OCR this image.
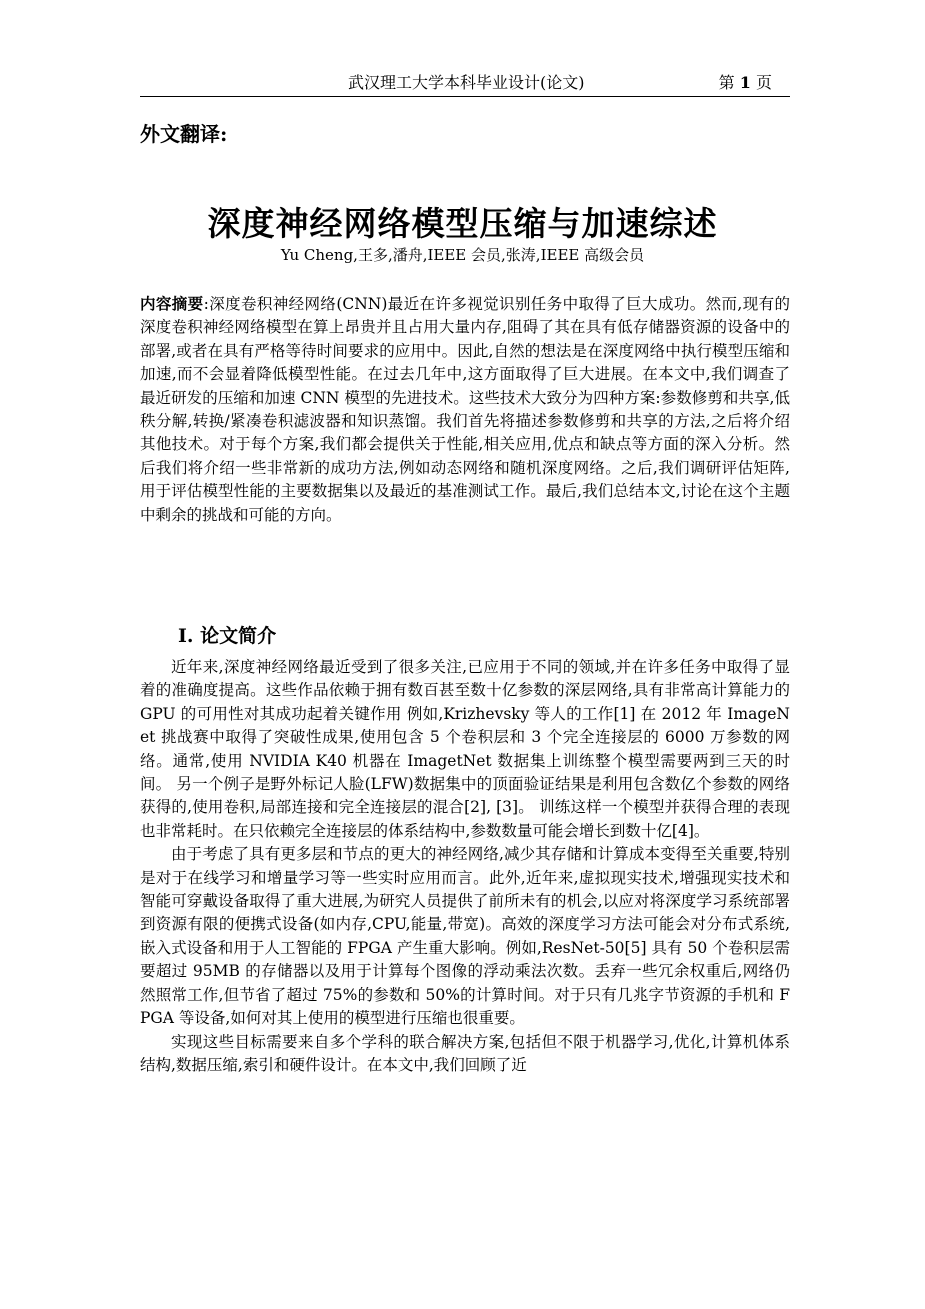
武汉理工大学本科毕业设计(论文)	第 1 页
外文翻译:
深度神经网络模型压缩与加速综述
Yu Cheng,王多,潘舟,IEEE 会员,张涛,IEEE 高级会员
内容摘要:深度卷积神经网络(CNN)最近在许多视觉识别任务中取得了巨大成功。然而,现有的深度卷积神经网络模型在算上昂贵并且占用大量内存,阻碍了其在具有低存储器资源的设备中的部署,或者在具有严格等待时间要求的应用中。因此,自然的想法是在深度网络中执行模型压缩和加速,而不会显着降低模型性能。在过去几年中,这方面取得了巨大进展。在本文中,我们调查了最近研发的压缩和加速 CNN 模型的先进技术。这些技术大致分为四种方案:参数修剪和共享,低秩分解,转换/紧凑卷积滤波器和知识蒸馏。我们首先将描述参数修剪和共享的方法,之后将介绍其他技术。对于每个方案,我们都会提供关于性能,相关应用,优点和缺点等方面的深入分析。然后我们将介绍一些非常新的成功方法,例如动态网络和随机深度网络。之后,我们调研评估矩阵,用于评估模型性能的主要数据集以及最近的基准测试工作。最后,我们总结本文,讨论在这个主题中剩余的挑战和可能的方向。
I. 论文简介

近年来,深度神经网络最近受到了很多关注,已应用于不同的领域,并在许多任务中取得了显着的准确度提高。这些作品依赖于拥有数百甚至数十亿参数的深层网络,具有非常高计算能力的 GPU 的可用性对其成功起着关键作用 例如,Krizhevsky 等人的工作[1] 在 2012 年 ImageNet 挑战赛中取得了突破性成果,使用包含 5 个卷积层和 3 个完全连接层的 6000 万参数的网络。通常,使用 NVIDIA K40 机器在 ImagetNet 数据集上训练整个模型需要两到三天的时间。 另一个例子是野外标记人脸(LFW)数据集中的顶面验证结果是利用包含数亿个参数的网络获得的,使用卷积,局部连接和完全连接层的混合[2], [3]。 训练这样一个模型并获得合理的表现也非常耗时。在只依赖完全连接层的体系结构中,参数数量可能会增长到数十亿[4]。

由于考虑了具有更多层和节点的更大的神经网络,减少其存储和计算成本变得至关重要,特别是对于在线学习和增量学习等一些实时应用而言。此外,近年来,虚拟现实技术,增强现实技术和智能可穿戴设备取得了重大进展,为研究人员提供了前所未有的机会,以应对将深度学习系统部署到资源有限的便携式设备(如内存,CPU,能量,带宽)。高效的深度学习方法可能会对分布式系统,嵌入式设备和用于人工智能的 FPGA 产生重大影响。例如,ResNet-50[5] 具有 50 个卷积层需要超过 95MB 的存储器以及用于计算每个图像的浮动乘法次数。丢弃一些冗余权重后,网络仍然照常工作,但节省了超过 75%的参数和 50%的计算时间。对于只有几兆字节资源的手机和 FPGA 等设备,如何对其上使用的模型进行压缩也很重要。

实现这些目标需要来自多个学科的联合解决方案,包括但不限于机器学习,优化,计算机体系结构,数据压缩,索引和硬件设计。在本文中,我们回顾了近
